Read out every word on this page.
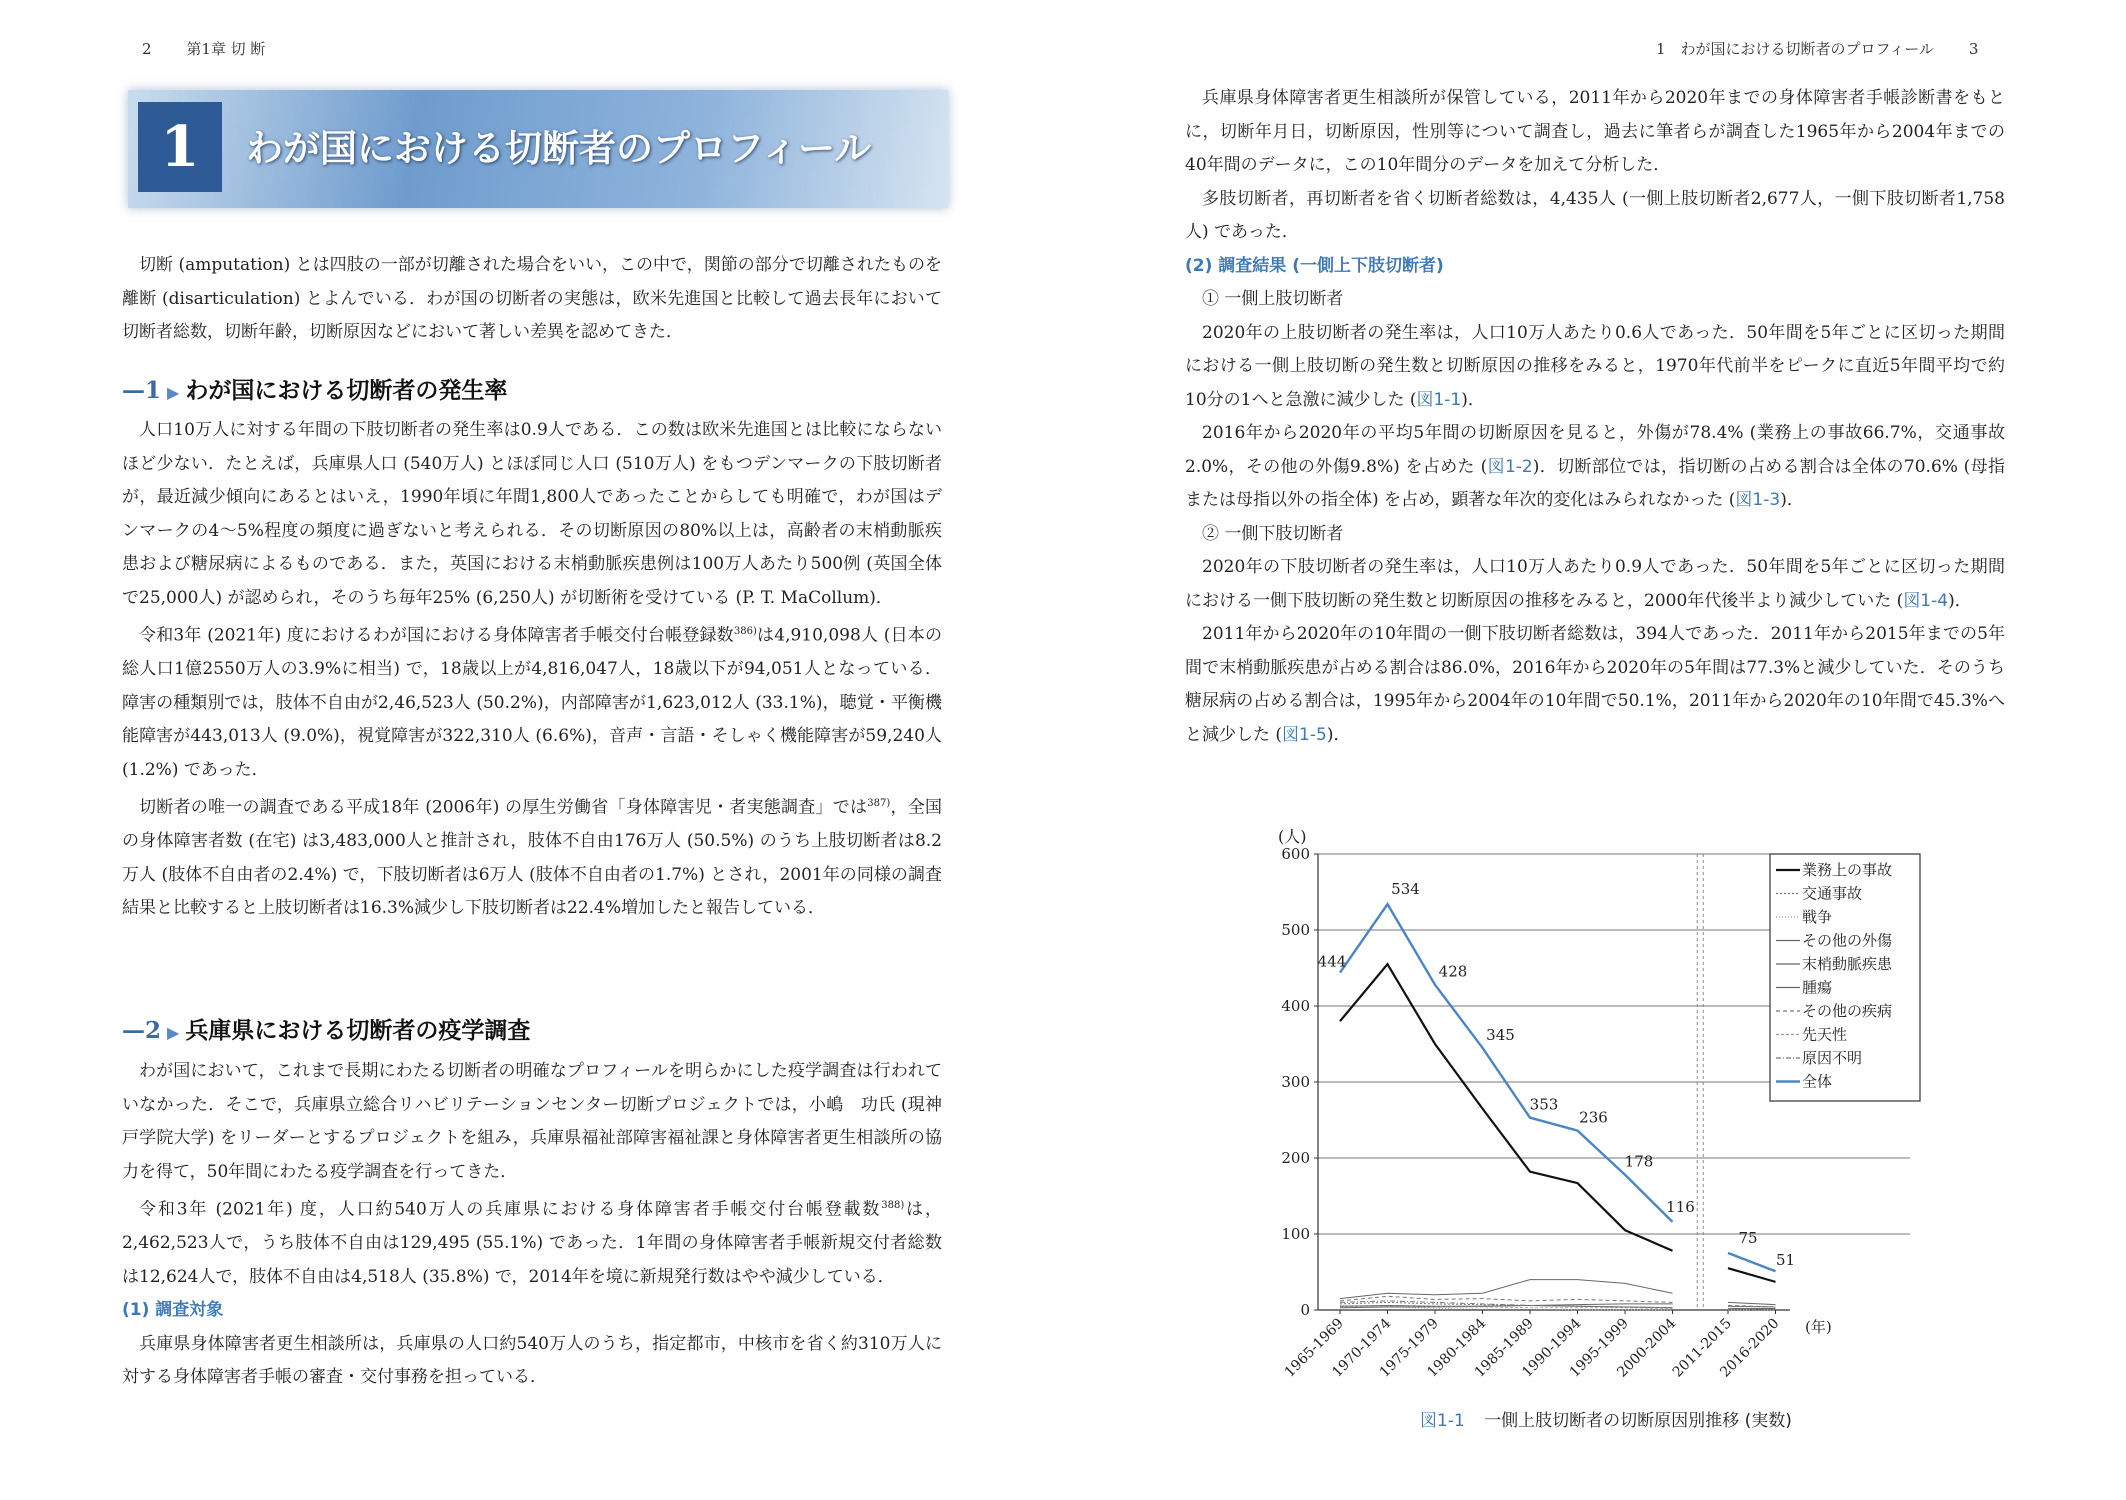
2 第1章 切 断
1	わが国における切断者のプロフィール

切断 (amputation) とは四肢の一部が切離された場合をいい，この中で，関節の部分で切離されたものを離断 (disarticulation) とよんでいる．わが国の切断者の実態は，欧米先進国と比較して過去長年において切断者総数，切断年齢，切断原因などにおいて著しい差異を認めてきた．

—1 ▶ わが国における切断者の発生率

人口10万人に対する年間の下肢切断者の発生率は0.9人である．この数は欧米先進国とは比較にならないほど少ない．たとえば，兵庫県人口 (540万人) とほぼ同じ人口 (510万人) をもつデンマークの下肢切断者が，最近減少傾向にあるとはいえ，1990年頃に年間1,800人であったことからしても明確で，わが国はデンマークの4～5%程度の頻度に過ぎないと考えられる．その切断原因の80%以上は，高齢者の末梢動脈疾患および糖尿病によるものである．また，英国における末梢動脈疾患例は100万人あたり500例 (英国全体で25,000人) が認められ，そのうち毎年25% (6,250人) が切断術を受けている (P. T. MaCollum)．

令和3年 (2021年) 度におけるわが国における身体障害者手帳交付台帳登録数$^{386)}$は4,910,098人 (日本の総人口1億2550万人の3.9%に相当) で，18歳以上が4,816,047人，18歳以下が94,051人となっている．障害の種類別では，肢体不自由が2,46,523人 (50.2%)，内部障害が1,623,012人 (33.1%)，聴覚・平衡機能障害が443,013人 (9.0%)，視覚障害が322,310人 (6.6%)，音声・言語・そしゃく機能障害が59,240人 (1.2%) であった．

切断者の唯一の調査である平成18年 (2006年) の厚生労働省「身体障害児・者実態調査」では$^{387)}$，全国の身体障害者数 (在宅) は3,483,000人と推計され，肢体不自由176万人 (50.5%) のうち上肢切断者は8.2万人 (肢体不自由者の2.4%) で，下肢切断者は6万人 (肢体不自由者の1.7%) とされ，2001年の同様の調査結果と比較すると上肢切断者は16.3%減少し下肢切断者は22.4%増加したと報告している．

—2 ▶ 兵庫県における切断者の疫学調査

わが国において，これまで長期にわたる切断者の明確なプロフィールを明らかにした疫学調査は行われていなかった．そこで，兵庫県立総合リハビリテーションセンター切断プロジェクトでは，小嶋　功氏 (現神戸学院大学) をリーダーとするプロジェクトを組み，兵庫県福祉部障害福祉課と身体障害者更生相談所の協力を得て，50年間にわたる疫学調査を行ってきた．

令和3年 (2021年) 度，人口約540万人の兵庫県における身体障害者手帳交付台帳登載数$^{388)}$は，2,462,523人で，うち肢体不自由は129,495 (55.1%) であった．1年間の身体障害者手帳新規交付者総数は12,624人で，肢体不自由は4,518人 (35.8%) で，2014年を境に新規発行数はやや減少している．

(1) 調査対象

兵庫県身体障害者更生相談所は，兵庫県の人口約540万人のうち，指定都市，中核市を省く約310万人に対する身体障害者手帳の審査・交付事務を担っている．

1　わが国における切断者のプロフィール 3

兵庫県身体障害者更生相談所が保管している，2011年から2020年までの身体障害者手帳診断書をもとに，切断年月日，切断原因，性別等について調査し，過去に筆者らが調査した1965年から2004年までの40年間のデータに，この10年間分のデータを加えて分析した．

多肢切断者，再切断者を省く切断者総数は，4,435人 (一側上肢切断者2,677人，一側下肢切断者1,758人) であった．

(2) 調査結果 (一側上下肢切断者)

① 一側上肢切断者

2020年の上肢切断者の発生率は，人口10万人あたり0.6人であった．50年間を5年ごとに区切った期間における一側上肢切断の発生数と切断原因の推移をみると，1970年代前半をピークに直近5年間平均で約10分の1へと急激に減少した (図1-1)．

2016年から2020年の平均5年間の切断原因を見ると，外傷が78.4% (業務上の事故66.7%，交通事故2.0%，その他の外傷9.8%) を占めた (図1-2)．切断部位では，指切断の占める割合は全体の70.6% (母指または母指以外の指全体) を占め，顕著な年次的変化はみられなかった (図1-3)．

② 一側下肢切断者

2020年の下肢切断者の発生率は，人口10万人あたり0.9人であった．50年間を5年ごとに区切った期間における一側下肢切断の発生数と切断原因の推移をみると，2000年代後半より減少していた (図1-4)．

2011年から2020年の10年間の一側下肢切断者総数は，394人であった．2011年から2015年までの5年間で末梢動脈疾患が占める割合は86.0%，2016年から2020年の5年間は77.3%と減少していた．そのうち糖尿病の占める割合は，1995年から2004年の10年間で50.1%，2011年から2020年の10年間で45.3%へと減少した (図1-5)．

(人)
0
100
200
300
400
500
600
1965-1969
1970-1974
1975-1979
1980-1984
1985-1989
1990-1994
1995-1999
2000-2004
2011-2015
2016-2020 (年)
444
534
428
345
353
236
178
116
75
51
業務上の事故
交通事故
戦争
その他の外傷
末梢動脈疾患
腫瘍
その他の疾病
先天性
原因不明
全体
図1-1 一側上肢切断者の切断原因別推移 (実数)
